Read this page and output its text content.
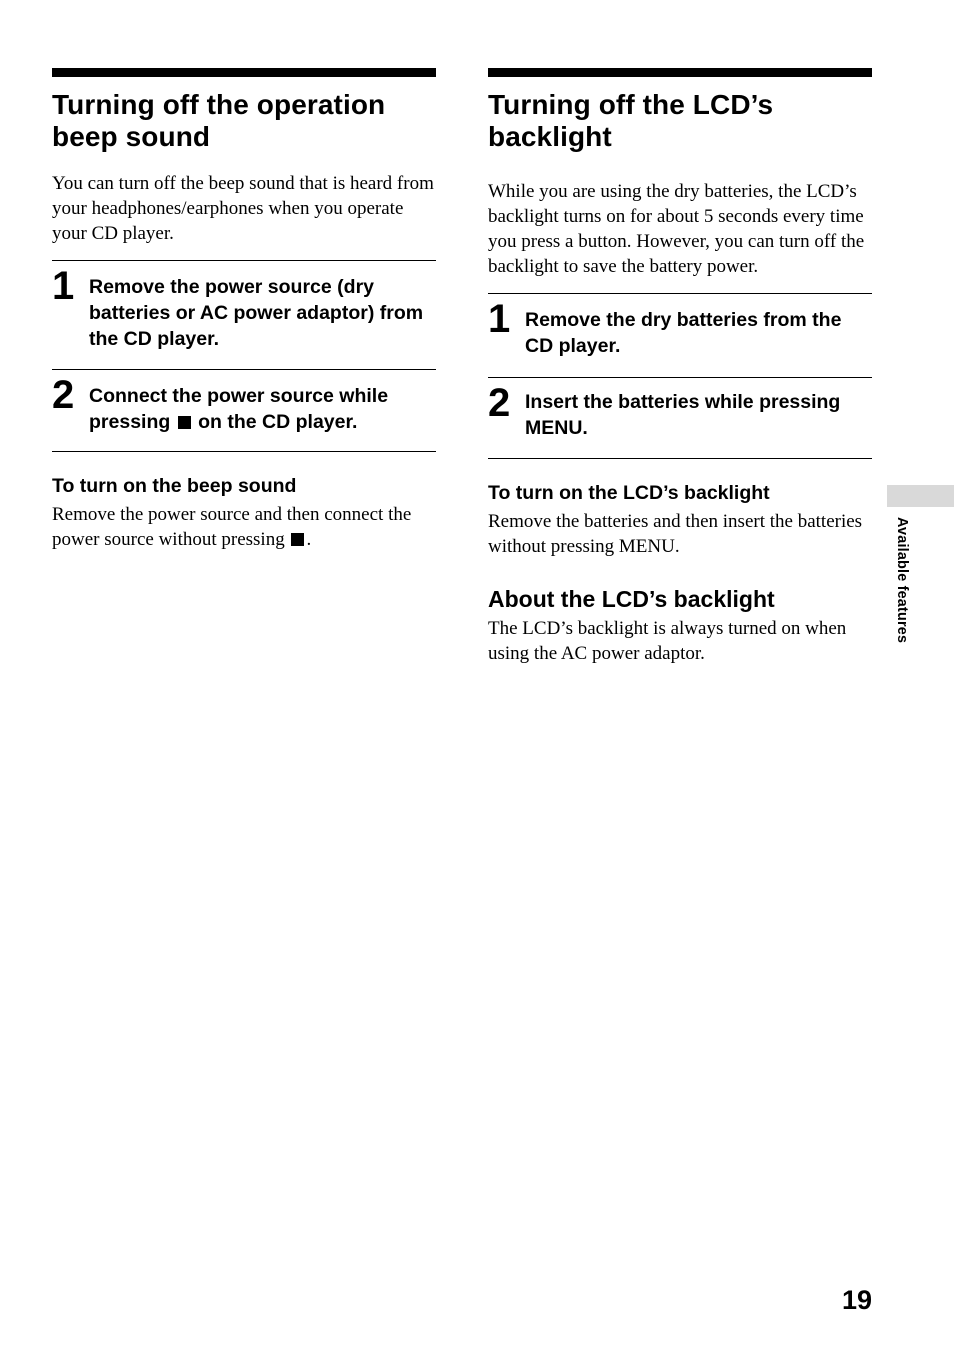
Turning off the operation beep sound

You can turn off the beep sound that is heard from your headphones/earphones when you operate your CD player.

1 Remove the power source (dry batteries or AC power adaptor) from the CD player.

2 Connect the power source while pressing on the CD player.

To turn on the beep sound

Remove the power source and then connect the power source without pressing .

Turning off the LCD’s backlight

While you are using the dry batteries, the LCD’s backlight turns on for about 5 seconds every time you press a button. However, you can turn off the backlight to save the battery power.

1 Remove the dry batteries from the CD player.

2 Insert the batteries while pressing MENU.

To turn on the LCD’s backlight

Remove the batteries and then insert the batteries without pressing MENU.

About the LCD’s backlight

The LCD’s backlight is always turned on when using the AC power adaptor.

Available features
19
